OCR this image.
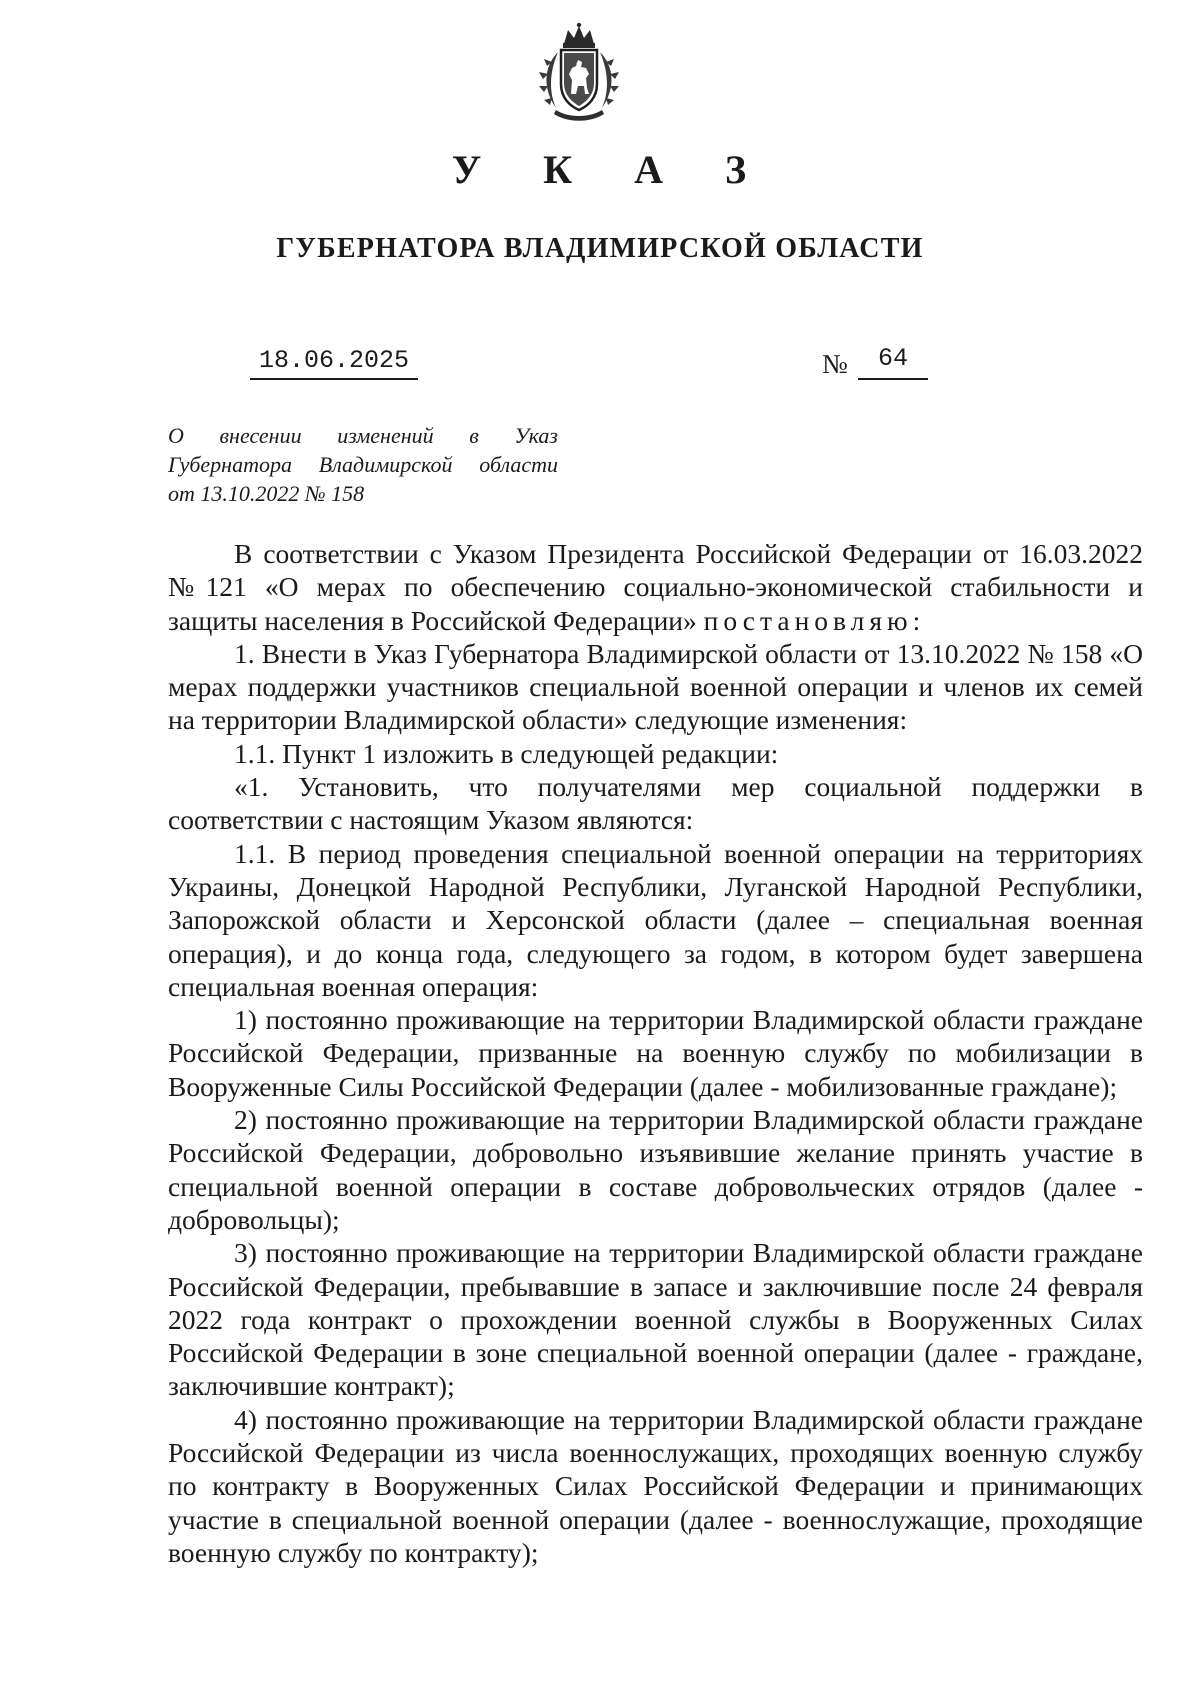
У К А З
ГУБЕРНАТОРА ВЛАДИМИРСКОЙ ОБЛАСТИ
18.06.2025	№	64
О внесении изменений в Указ
Губернатора Владимирской области
от 13.10.2022 № 158

В соответствии с Указом Президента Российской Федерации от 16.03.2022 №121 «О мерах по обеспечению социально-экономической стабильности и защиты населения в Российской Федерации» постановляю:

1. Внести в Указ Губернатора Владимирской области от 13.10.2022 № 158 «О мерах поддержки участников специальной военной операции и членов их семей на территории Владимирской области» следующие изменения:

1.1. Пункт 1 изложить в следующей редакции:

«1. Установить, что получателями мер социальной поддержки в соответствии с настоящим Указом являются:

1.1. В период проведения специальной военной операции на территориях Украины, Донецкой Народной Республики, Луганской Народной Республики, Запорожской области и Херсонской области (далее – специальная военная операция), и до конца года, следующего за годом, в котором будет завершена специальная военная операция:

1) постоянно проживающие на территории Владимирской области граждане Российской Федерации, призванные на военную службу по мобилизации в Вооруженные Силы Российской Федерации (далее - мобилизованные граждане);

2) постоянно проживающие на территории Владимирской области граждане Российской Федерации, добровольно изъявившие желание принять участие в специальной военной операции в составе добровольческих отрядов (далее - добровольцы);

3) постоянно проживающие на территории Владимирской области граждане Российской Федерации, пребывавшие в запасе и заключившие после 24 февраля 2022 года контракт о прохождении военной службы в Вооруженных Силах Российской Федерации в зоне специальной военной операции (далее - граждане, заключившие контракт);

4) постоянно проживающие на территории Владимирской области граждане Российской Федерации из числа военнослужащих, проходящих военную службу по контракту в Вооруженных Силах Российской Федерации и принимающих участие в специальной военной операции (далее - военнослужащие, проходящие военную службу по контракту);
